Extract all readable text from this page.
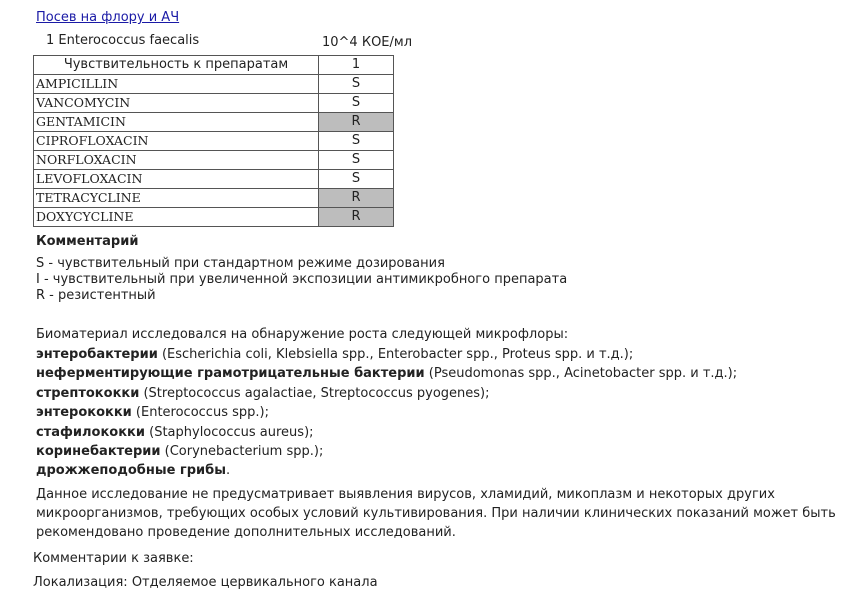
Посев на флору и АЧ
1 Enterococcus faecalis	10^4 КОЕ/мл
Чувствительность к препаратам	1
AMPICILLIN	S
VANCOMYCIN	S
GENTAMICIN	R
CIPROFLOXACIN	S
NORFLOXACIN	S
LEVOFLOXACIN	S
TETRACYCLINE	R
DOXYCYCLINE	R
Комментарий
S - чувствительный при стандартном режиме дозирования
I - чувствительный при увеличенной экспозиции антимикробного препарата
R - резистентный
Биоматериал исследовался на обнаружение роста следующей микрофлоры:
энтеробактерии (Escherichia coli, Klebsiella spp., Enterobacter spp., Proteus spp. и т.д.);
неферментирующие грамотрицательные бактерии (Pseudomonas spp., Acinetobacter spp. и т.д.);
стрептококки (Streptococcus agalactiae, Streptococcus pyogenes);
энтерококки (Enterococcus spp.);
стафилококки (Staphylococcus aureus);
коринебактерии (Corynebacterium spp.);
дрожжеподобные грибы.
Данное исследование не предусматривает выявления вирусов, хламидий, микоплазм и некоторых других
микроорганизмов, требующих особых условий культивирования. При наличии клинических показаний может быть
рекомендовано проведение дополнительных исследований.
Комментарии к заявке:
Локализация: Отделяемое цервикального канала
